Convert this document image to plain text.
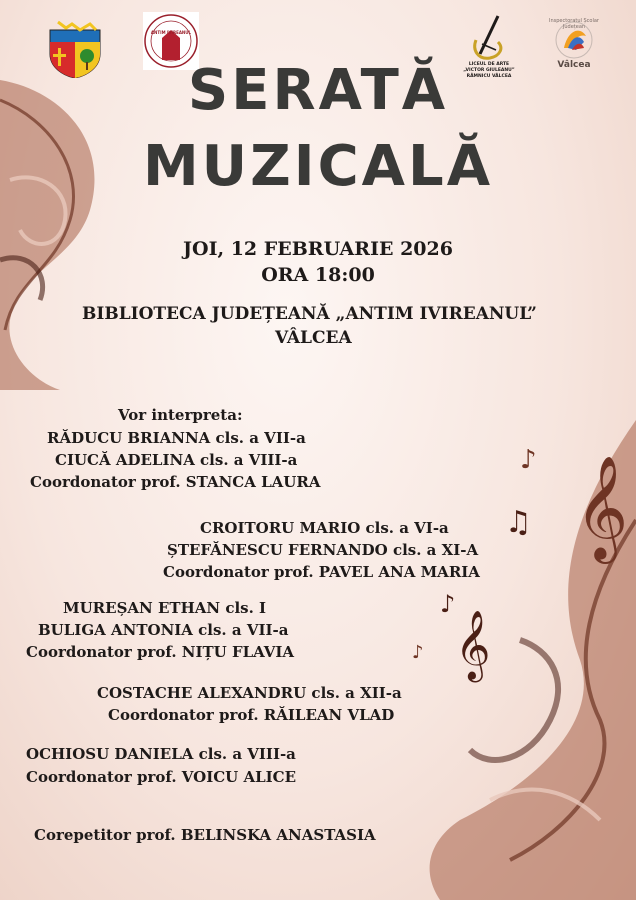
𝄞
𝄞
♪
♫
♪
♪
ANTIM IVIREANUL
LICEUL DE ARTE
„VICTOR GIULEANU”
RÂMNICU VÂLCEA
Inspectoratul Școlar Județean
Vâlcea
SERATĂ
MUZICALĂ
JOI, 12 FEBRUARIE 2026
ORA 18:00
BIBLIOTECA JUDEȚEANĂ „ANTIM IVIREANUL”
VÂLCEA
Vor interpreta:
RĂDUCU BRIANNA cls. a VII-a
CIUCĂ ADELINA cls. a VIII-a
Coordonator prof. STANCA LAURA
CROITORU MARIO cls. a VI-a
ȘTEFĂNESCU FERNANDO cls. a XI-A
Coordonator prof. PAVEL ANA MARIA
MUREȘAN ETHAN cls. I
BULIGA ANTONIA cls. a VII-a
Coordonator prof. NIȚU FLAVIA
COSTACHE ALEXANDRU cls. a XII-a
Coordonator prof. RĂILEAN VLAD
OCHIOSU DANIELA cls. a VIII-a
Coordonator prof. VOICU ALICE
Corepetitor prof. BELINSKA ANASTASIA
